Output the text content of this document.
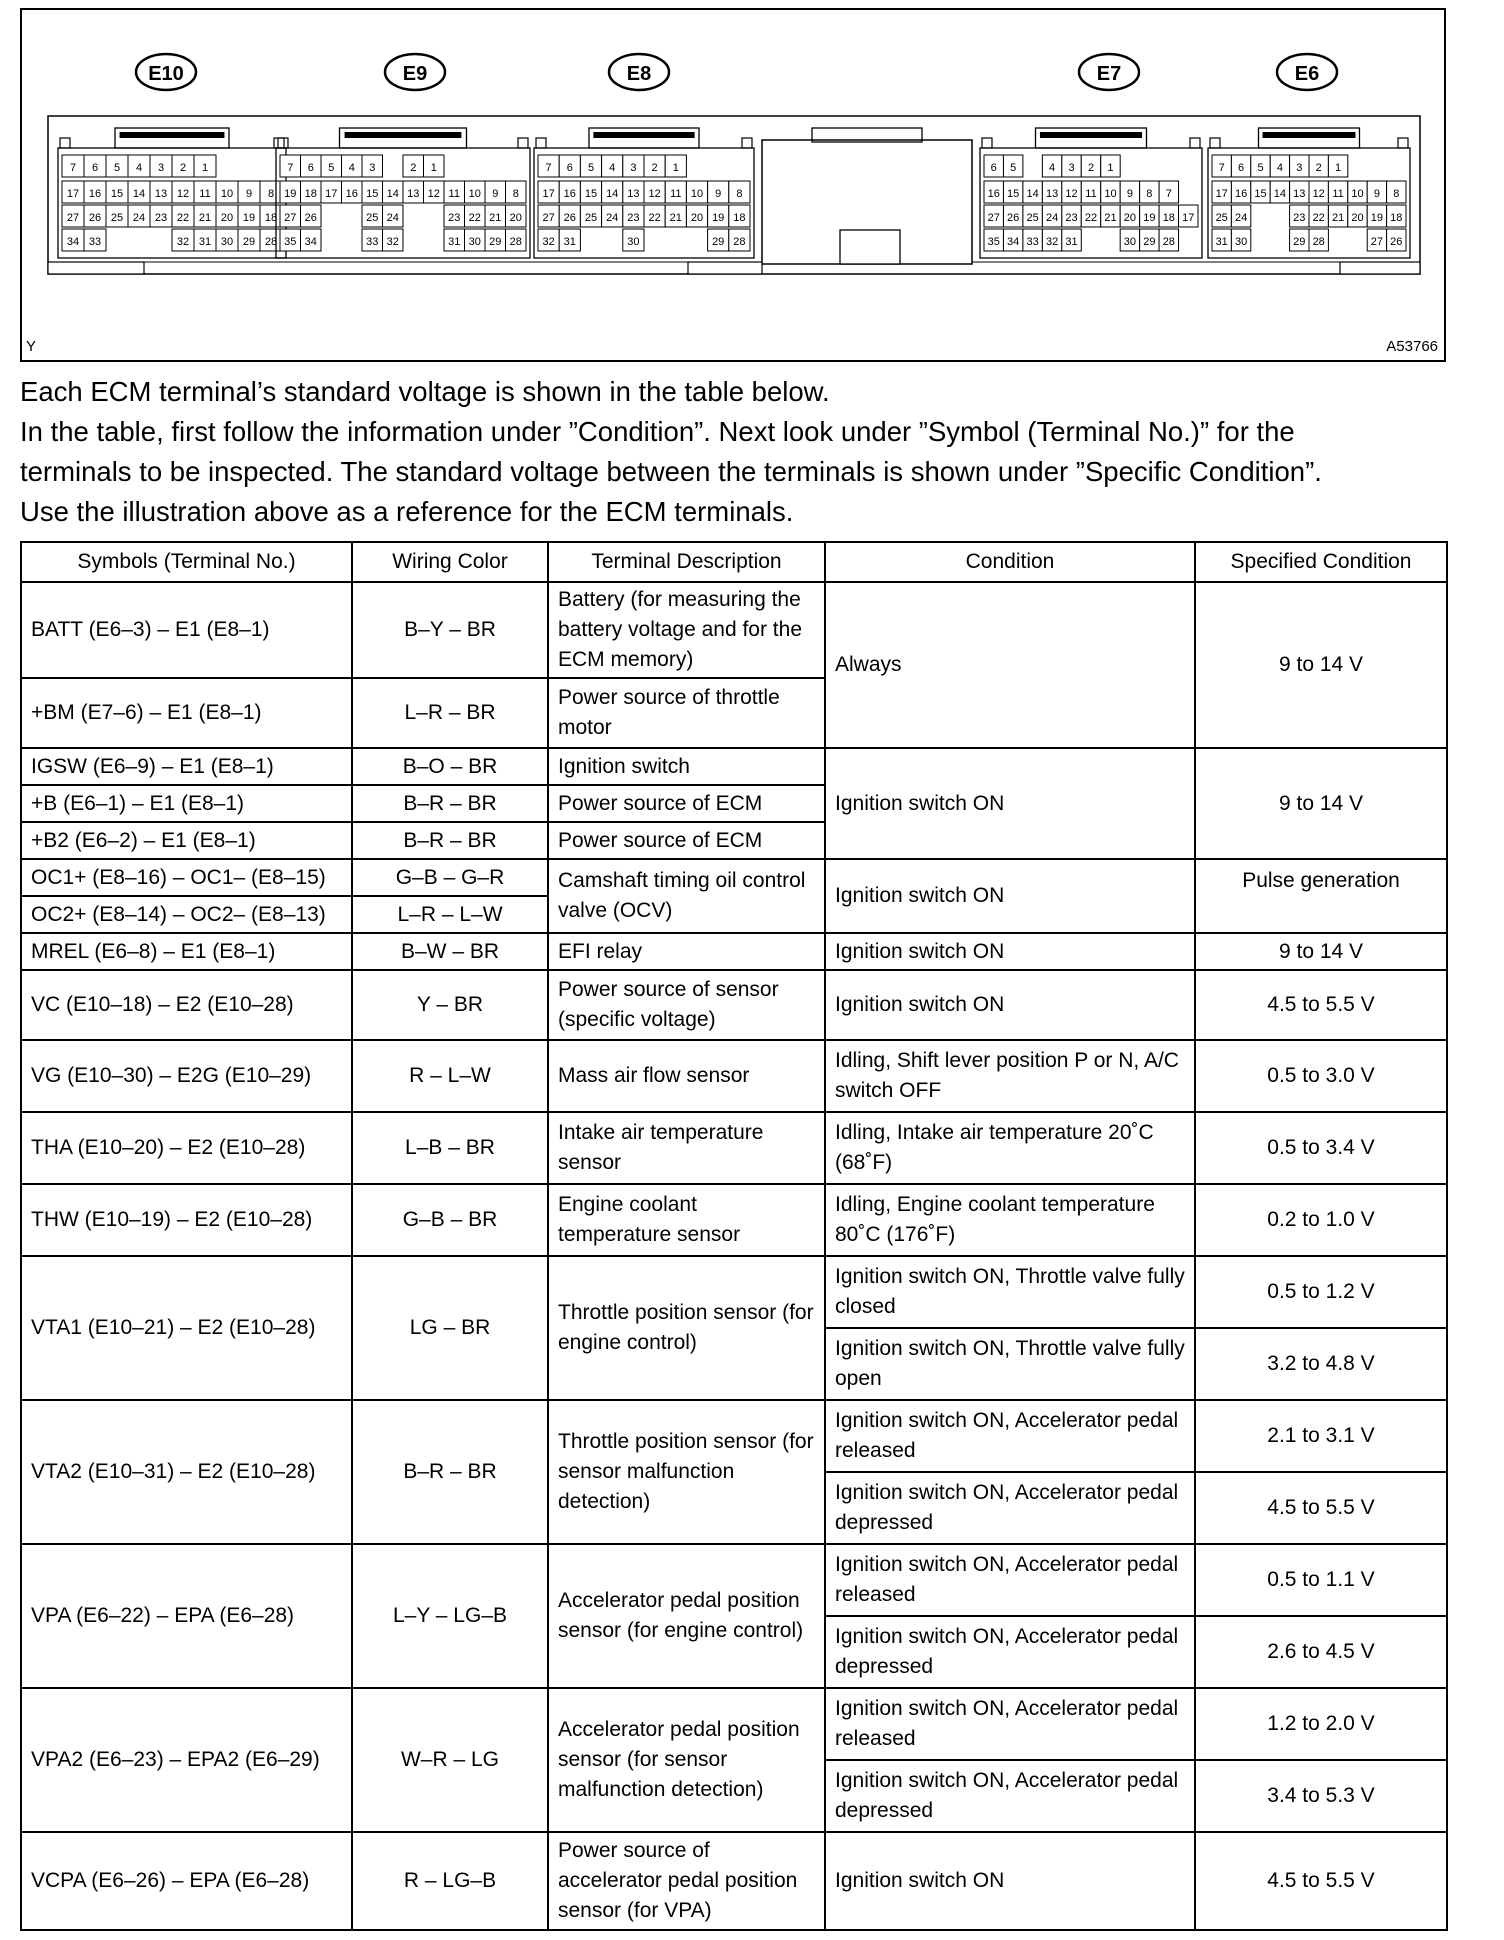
E10	E9	E8	E7	E6
7 6 5 4 3 2 1
17 16 15 14 13 12 11 10 9 8
27 26 25 24 23 22 21 20 19 18
34 33	32 31 30 29 28
7 6 5 4 3	2 1
19 18 17 16 15 14 13 12 11 10 9 8
27 26	25 24	23 22 21 20
35 34	33 32	31 30 29 28
7 6 5 4 3 2 1
17 16 15 14 13 12 11 10 9 8
27 26 25 24 23 22 21 20 19 18
32 31	30	29 28
6 5	4 3 2 1
16 15 14 13 12 11 10 9 8 7
27 26 25 24 23 22 21 20 19 18 17
35 34 33 32 31	30 29 28
7 6 5 4 3 2 1
17 16 15 14 13 12 11 10 9 8
25 24	23 22 21 20 19 18
31 30	29 28	27 26
Y	A53766

Each ECM terminal’s standard voltage is shown in the table below.

In the table, first follow the information under ”Condition”. Next look under ”Symbol (Terminal No.)” for the

terminals to be inspected. The standard voltage between the terminals is shown under ”Specific Condition”.

Use the illustration above as a reference for the ECM terminals.

Symbols (Terminal No.)	Wiring Color	Terminal Description	Condition	Specified Condition
BATT (E6–3) – E1 (E8–1)	B–Y – BR	Battery (for measuring the battery voltage and for the ECM memory)	Always	9 to 14 V
+BM (E7–6) – E1 (E8–1)	L–R – BR	Power source of throttle motor		
IGSW (E6–9) – E1 (E8–1)	B–O – BR	Ignition switch	Ignition switch ON	9 to 14 V
+B (E6–1) – E1 (E8–1)	B–R – BR	Power source of ECM		
+B2 (E6–2) – E1 (E8–1)	B–R – BR	Power source of ECM		
OC1+ (E8–16) – OC1– (E8–15)	G–B – G–R	Camshaft timing oil control valve (OCV)	Ignition switch ON	Pulse generation
OC2+ (E8–14) – OC2– (E8–13)	L–R – L–W			
MREL (E6–8) – E1 (E8–1)	B–W – BR	EFI relay	Ignition switch ON	9 to 14 V
VC (E10–18) – E2 (E10–28)	Y – BR	Power source of sensor (specific voltage)	Ignition switch ON	4.5 to 5.5 V
VG (E10–30) – E2G (E10–29)	R – L–W	Mass air flow sensor	Idling, Shift lever position P or N, A/C switch OFF	0.5 to 3.0 V
THA (E10–20) – E2 (E10–28)	L–B – BR	Intake air temperature sensor	Idling, Intake air temperature 20˚C (68˚F)	0.5 to 3.4 V
THW (E10–19) – E2 (E10–28)	G–B – BR	Engine coolant temperature sensor	Idling, Engine coolant temperature 80˚C (176˚F)	0.2 to 1.0 V
VTA1 (E10–21) – E2 (E10–28)	LG – BR	Throttle position sensor (for engine control)	Ignition switch ON, Throttle valve fully closed	0.5 to 1.2 V
			Ignition switch ON, Throttle valve fully open	3.2 to 4.8 V
VTA2 (E10–31) – E2 (E10–28)	B–R – BR	Throttle position sensor (for sensor malfunction detection)	Ignition switch ON, Accelerator pedal released	2.1 to 3.1 V
			Ignition switch ON, Accelerator pedal depressed	4.5 to 5.5 V
VPA (E6–22) – EPA (E6–28)	L–Y – LG–B	Accelerator pedal position sensor (for engine control)	Ignition switch ON, Accelerator pedal released	0.5 to 1.1 V
			Ignition switch ON, Accelerator pedal depressed	2.6 to 4.5 V
VPA2 (E6–23) – EPA2 (E6–29)	W–R – LG	Accelerator pedal position sensor (for sensor malfunction detection)	Ignition switch ON, Accelerator pedal released	1.2 to 2.0 V
			Ignition switch ON, Accelerator pedal depressed	3.4 to 5.3 V
VCPA (E6–26) – EPA (E6–28)	R – LG–B	Power source of accelerator pedal position sensor (for VPA)	Ignition switch ON	4.5 to 5.5 V
